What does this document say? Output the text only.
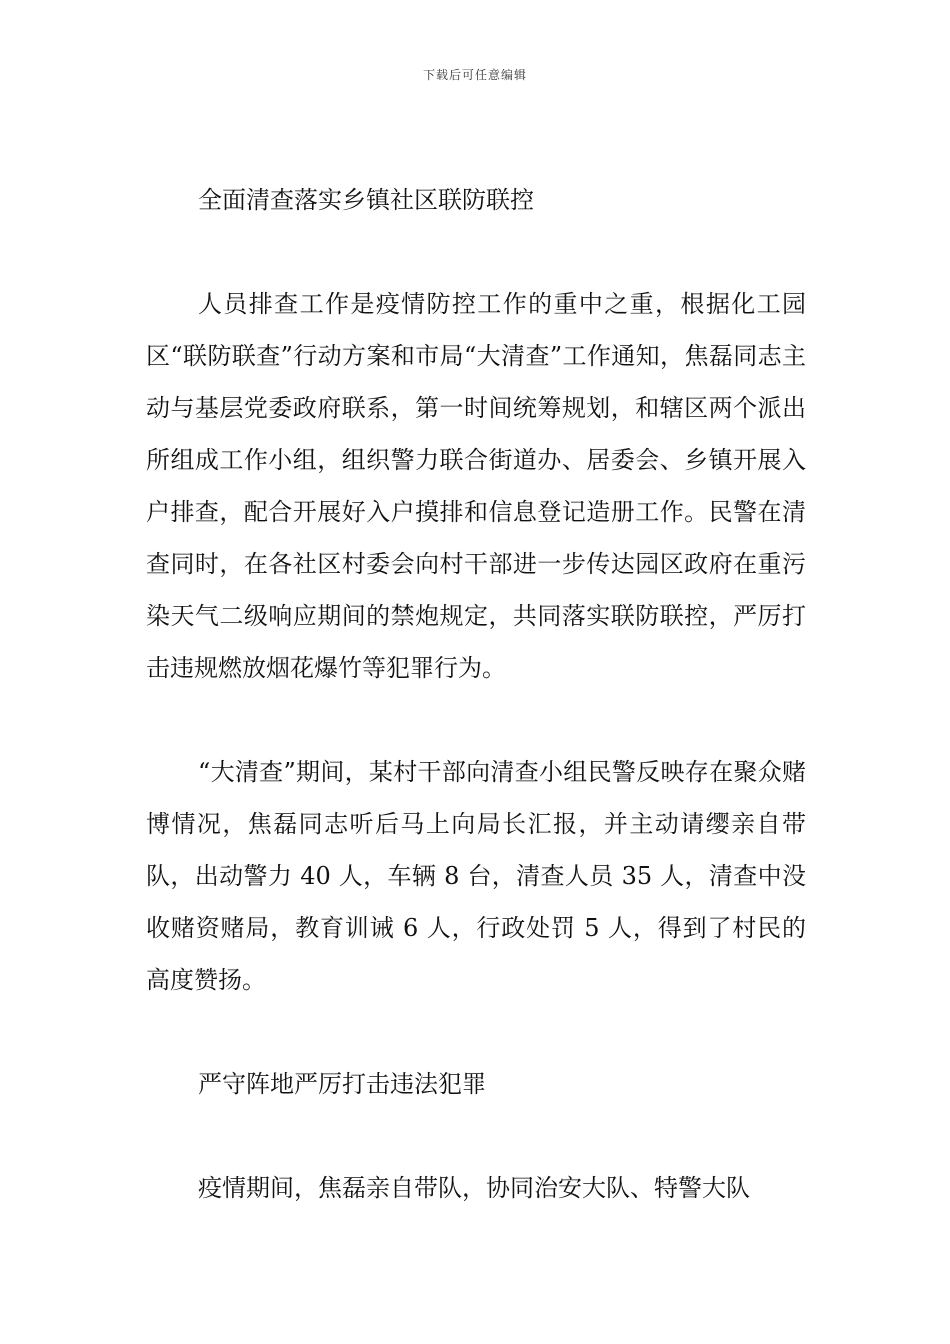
下载后可任意编辑
全面清查落实乡镇社区联防联控

人员排查工作是疫情防控工作的重中之重，根据化工园区“联防联查”行动方案和市局“大清查”工作通知，焦磊同志主动与基层党委政府联系，第一时间统筹规划，和辖区两个派出所组成工作小组，组织警力联合街道办、居委会、乡镇开展入户排查，配合开展好入户摸排和信息登记造册工作。民警在清查同时，在各社区村委会向村干部进一步传达园区政府在重污染天气二级响应期间的禁炮规定，共同落实联防联控，严厉打击违规燃放烟花爆竹等犯罪行为。

“大清查”期间，某村干部向清查小组民警反映存在聚众赌博情况，焦磊同志听后马上向局长汇报，并主动请缨亲自带队，出动警力 40 人，车辆 8 台，清查人员 35 人，清查中没收赌资赌局，教育训诫 6 人，行政处罚 5 人，得到了村民的高度赞扬。

严守阵地严厉打击违法犯罪

疫情期间，焦磊亲自带队，协同治安大队、特警大队
